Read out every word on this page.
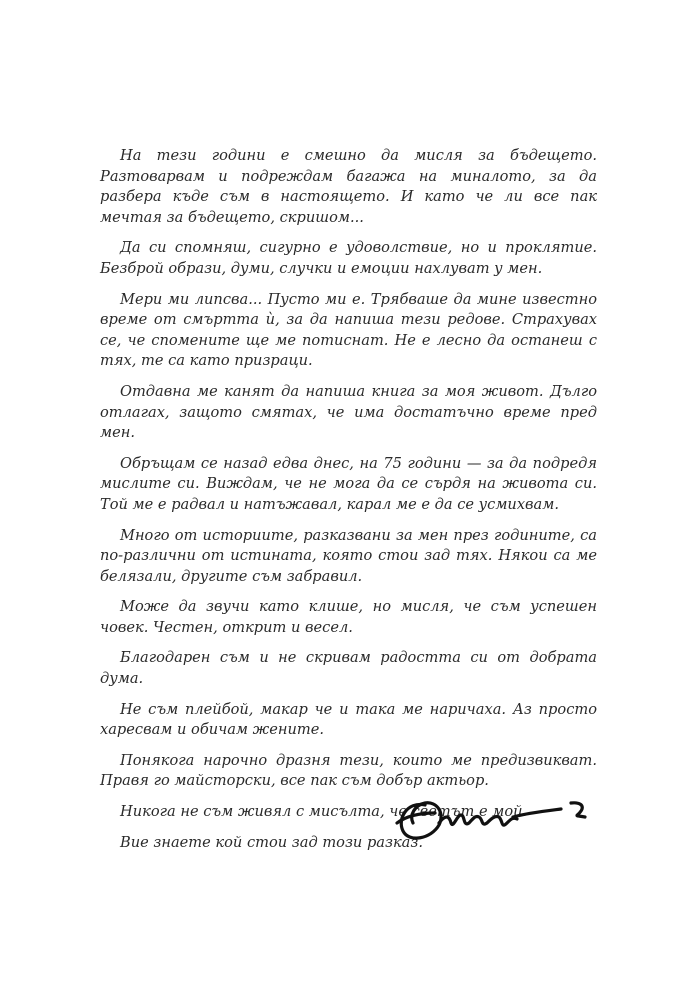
На тези години е смешно да мисля за бъдещето. Разтоварвам и подреждам багажа на миналото, за да разбера къде съм в настоящето. И като че ли все пак мечтая за бъдещето, скришом...

Да си спомняш, сигурно е удоволствие, но и проклятие. Безброй образи, думи, случки и емоции нахлуват у мен.

Мери ми липсва... Пусто ми е. Трябваше да мине известно време от смъртта ѝ, за да напиша тези редове. Страхувах се, че спомените ще ме потиснат. Не е лесно да останеш с тях, те са като призраци.

Отдавна ме канят да напиша книга за моя живот. Дълго отлагах, защото смятах, че има достатъчно време пред мен.

Обръщам се назад едва днес, на 75 години — за да подредя мислите си. Виждам, че не мога да се сърдя на живота си. Той ме е радвал и натъжавал, карал ме е да се усмихвам.

Много от историите, разказвани за мен през годините, са по-различни от истината, която стои зад тях. Някои са ме белязали, другите съм забравил.

Може да звучи като клише, но мисля, че съм успешен човек. Честен, открит и весел.

Благодарен съм и не скривам радостта си от добрата дума.

Не съм плейбой, макар че и така ме наричаха. Аз просто харесвам и обичам жените.

Понякога нарочно дразня тези, които ме предизвикват. Правя го майсторски, все пак съм добър актьор.

Никога не съм живял с мисълта, че светът е мой.

Вие знаете кой стои зад този разказ.
